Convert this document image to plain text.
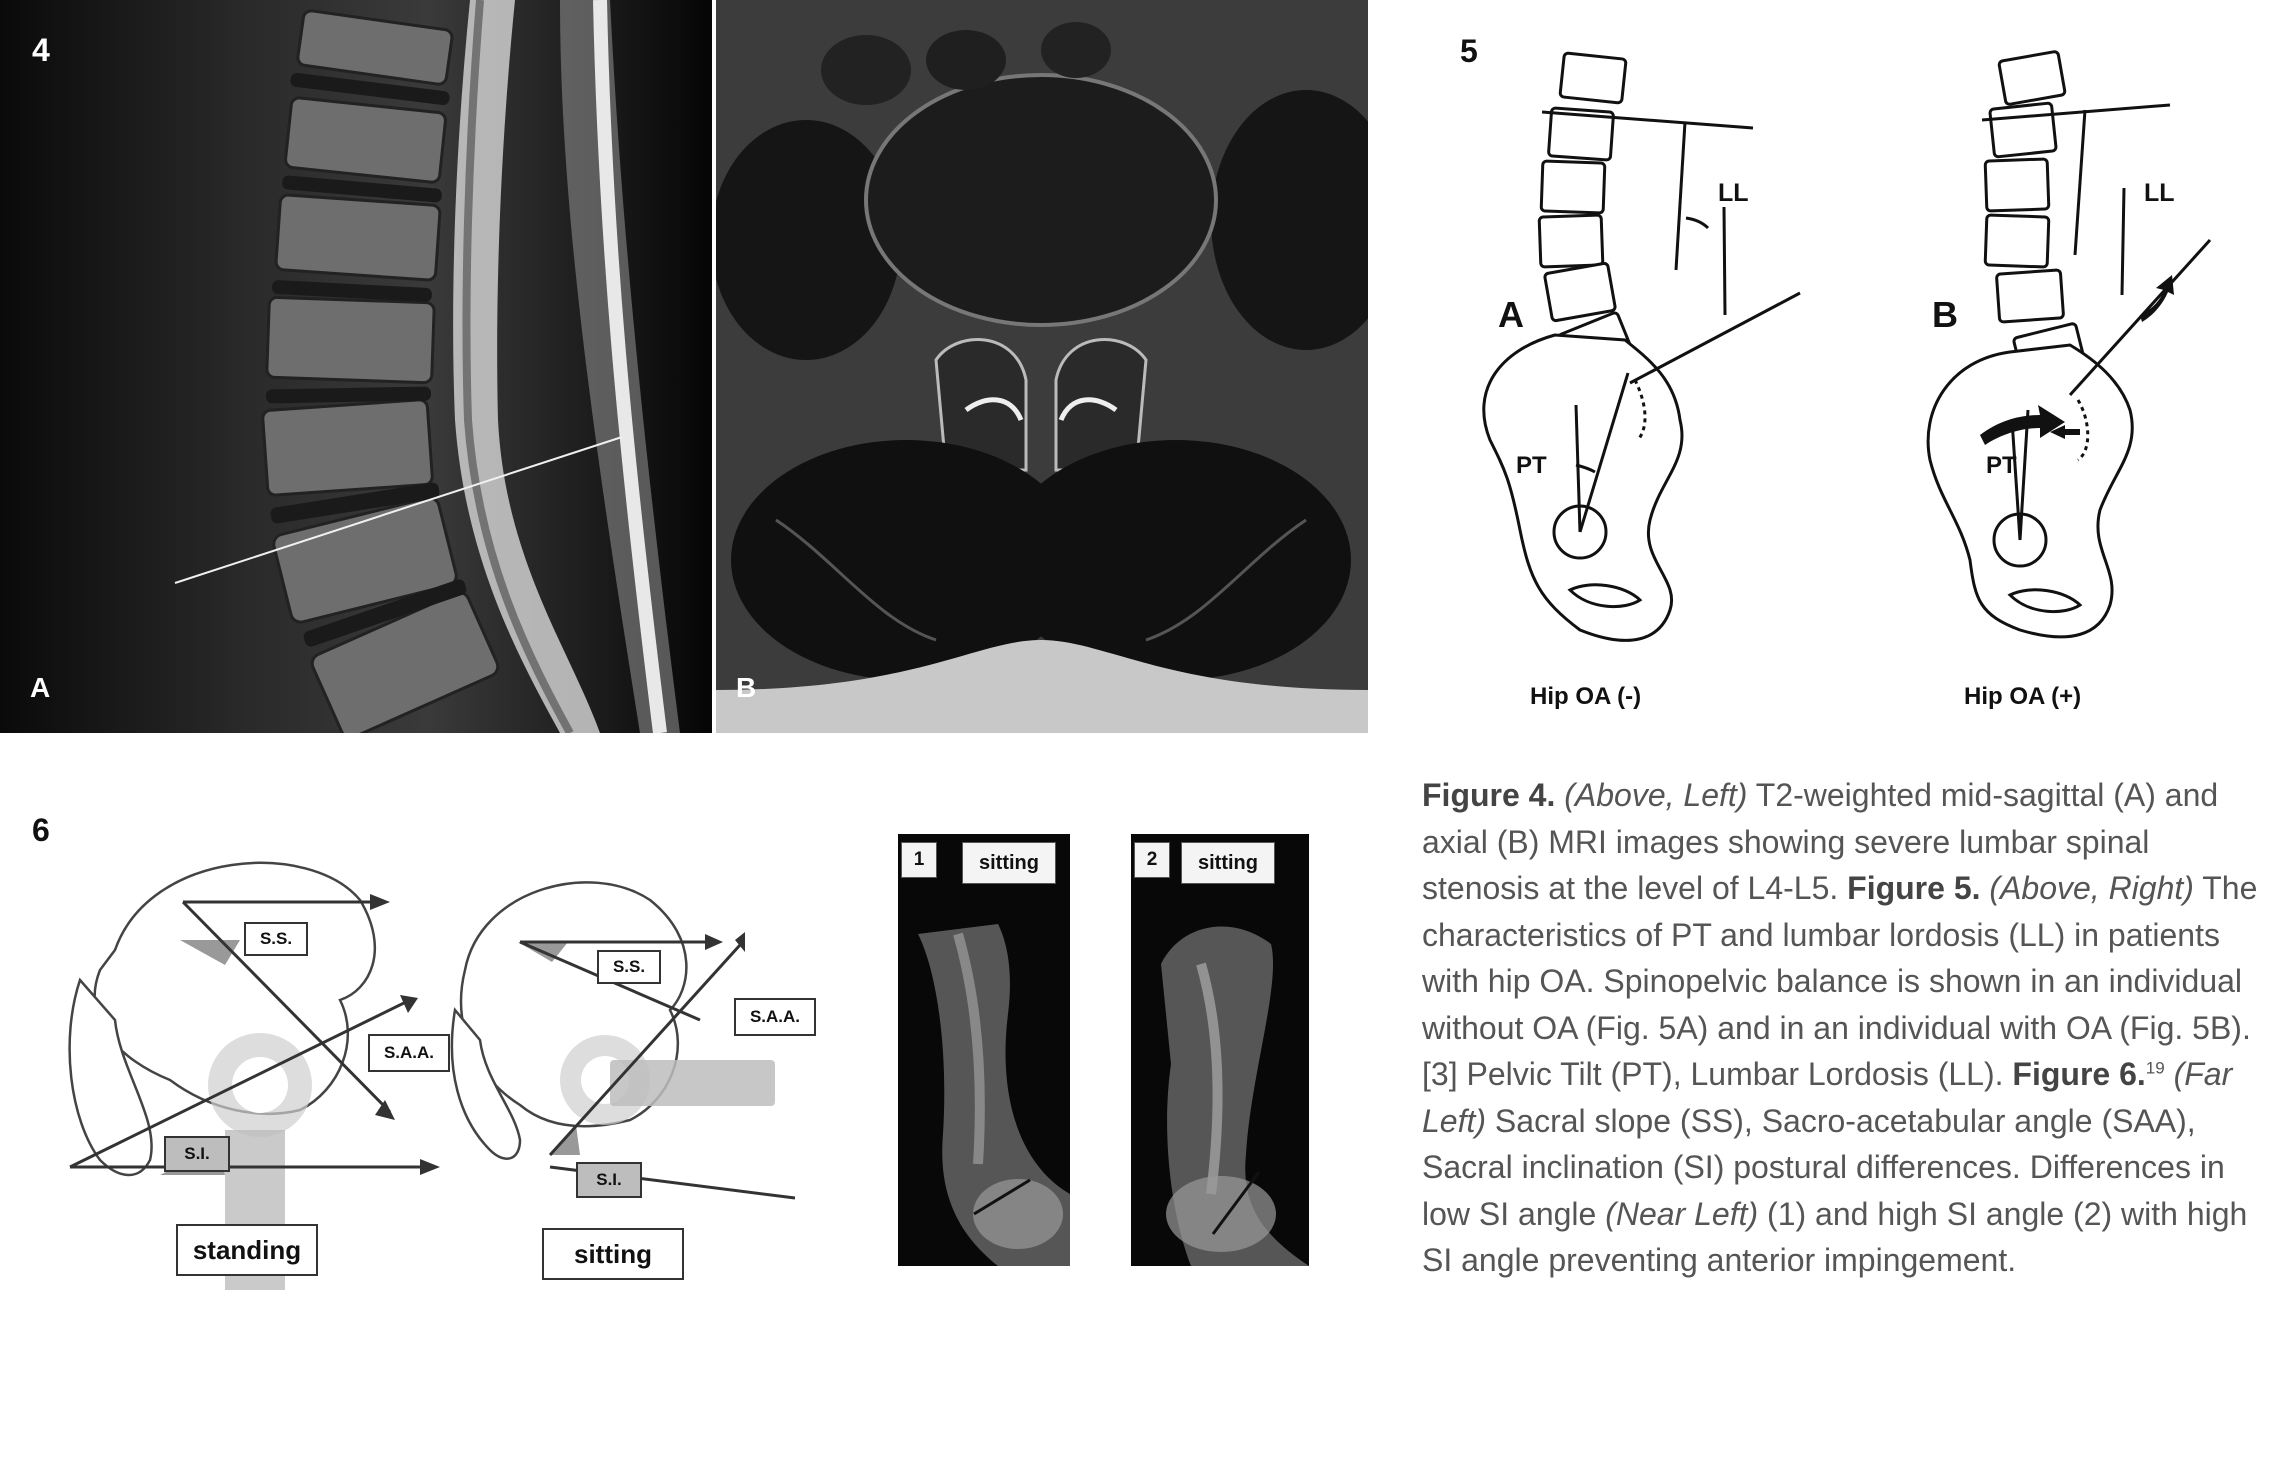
4
A	B
5
LL
A
PT
Hip OA (-)
LL
B
PT
Hip OA (+)
6
S.S.
S.A.A.
S.I.
standing
S.S.
S.A.A.
S.I.
sitting
1	sitting	2	sitting
Figure 4. (Above, Left) T2-weighted mid-sagittal (A) and axial (B) MRI images showing severe lumbar spinal stenosis at the level of L4-L5. Figure 5. (Above, Right) The characteristics of PT and lumbar lordosis (LL) in patients with hip OA. Spinopelvic balance is shown in an individual without OA (Fig. 5A) and in an individual with OA (Fig. 5B). [3] Pelvic Tilt (PT), Lumbar Lordosis (LL). Figure 6.19 (Far Left) Sacral slope (SS), Sacro-acetabular angle (SAA), Sacral inclination (SI) postural differences. Differences in low SI angle (Near Left) (1) and high SI angle (2) with high SI angle preventing anterior impingement.
